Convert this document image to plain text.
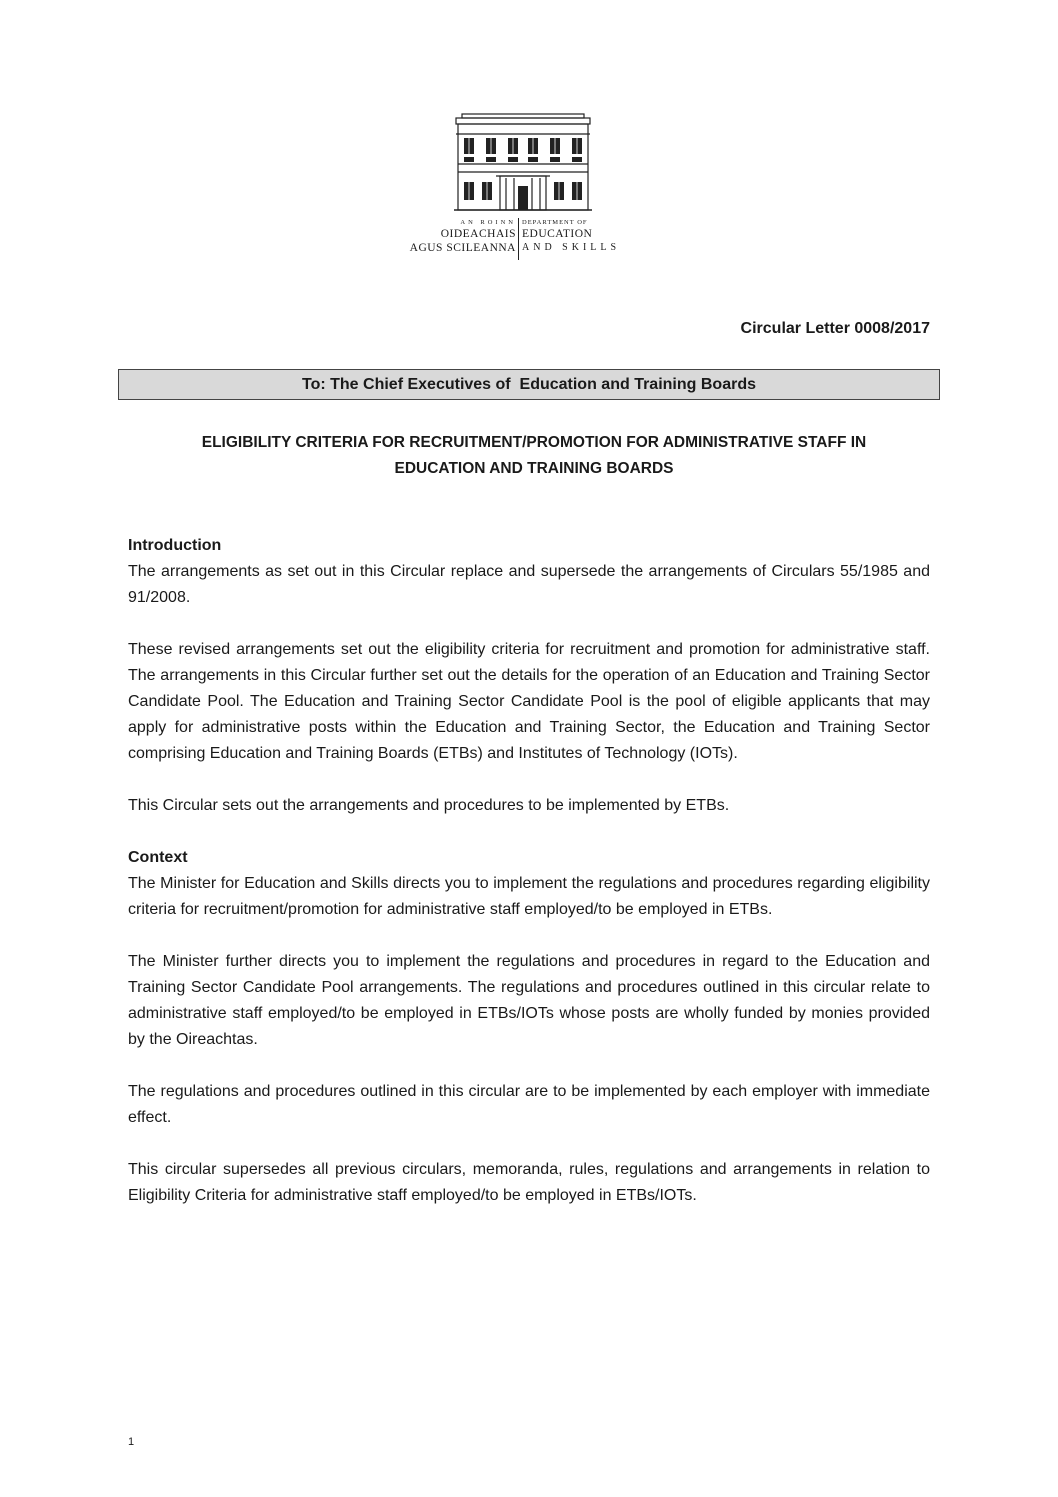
AN ROINN
OIDEACHAIS
AGUS SCILEANNA
DEPARTMENT OF
EDUCATION
AND SKILLS
Circular Letter 0008/2017
To: The Chief Executives of  Education and Training Boards
ELIGIBILITY CRITERIA FOR RECRUITMENT/PROMOTION FOR ADMINISTRATIVE STAFF IN
EDUCATION AND TRAINING BOARDS
Introduction

The arrangements as set out in this Circular replace and supersede the arrangements of Circulars 55/1985 and 91/2008.

These revised arrangements set out the eligibility criteria for recruitment and promotion for administrative staff. The arrangements in this Circular further set out the details for the operation of an Education and Training Sector Candidate Pool. The Education and Training Sector Candidate Pool is the pool of eligible applicants that may apply for administrative posts within the Education and Training Sector, the Education and Training Sector comprising Education and Training Boards (ETBs) and Institutes of Technology (IOTs).

This Circular sets out the arrangements and procedures to be implemented by ETBs.

Context

The Minister for Education and Skills directs you to implement the regulations and procedures regarding eligibility criteria for recruitment/promotion for administrative staff employed/to be employed in ETBs.

The Minister further directs you to implement the regulations and procedures in regard to the Education and Training Sector Candidate Pool arrangements. The regulations and procedures outlined in this circular relate to administrative staff employed/to be employed in ETBs/IOTs whose posts are wholly funded by monies provided by the Oireachtas.

The regulations and procedures outlined in this circular are to be implemented by each employer with immediate effect.

This circular supersedes all previous circulars, memoranda, rules, regulations and arrangements in relation to Eligibility Criteria for administrative staff employed/to be employed in ETBs/IOTs.

1
